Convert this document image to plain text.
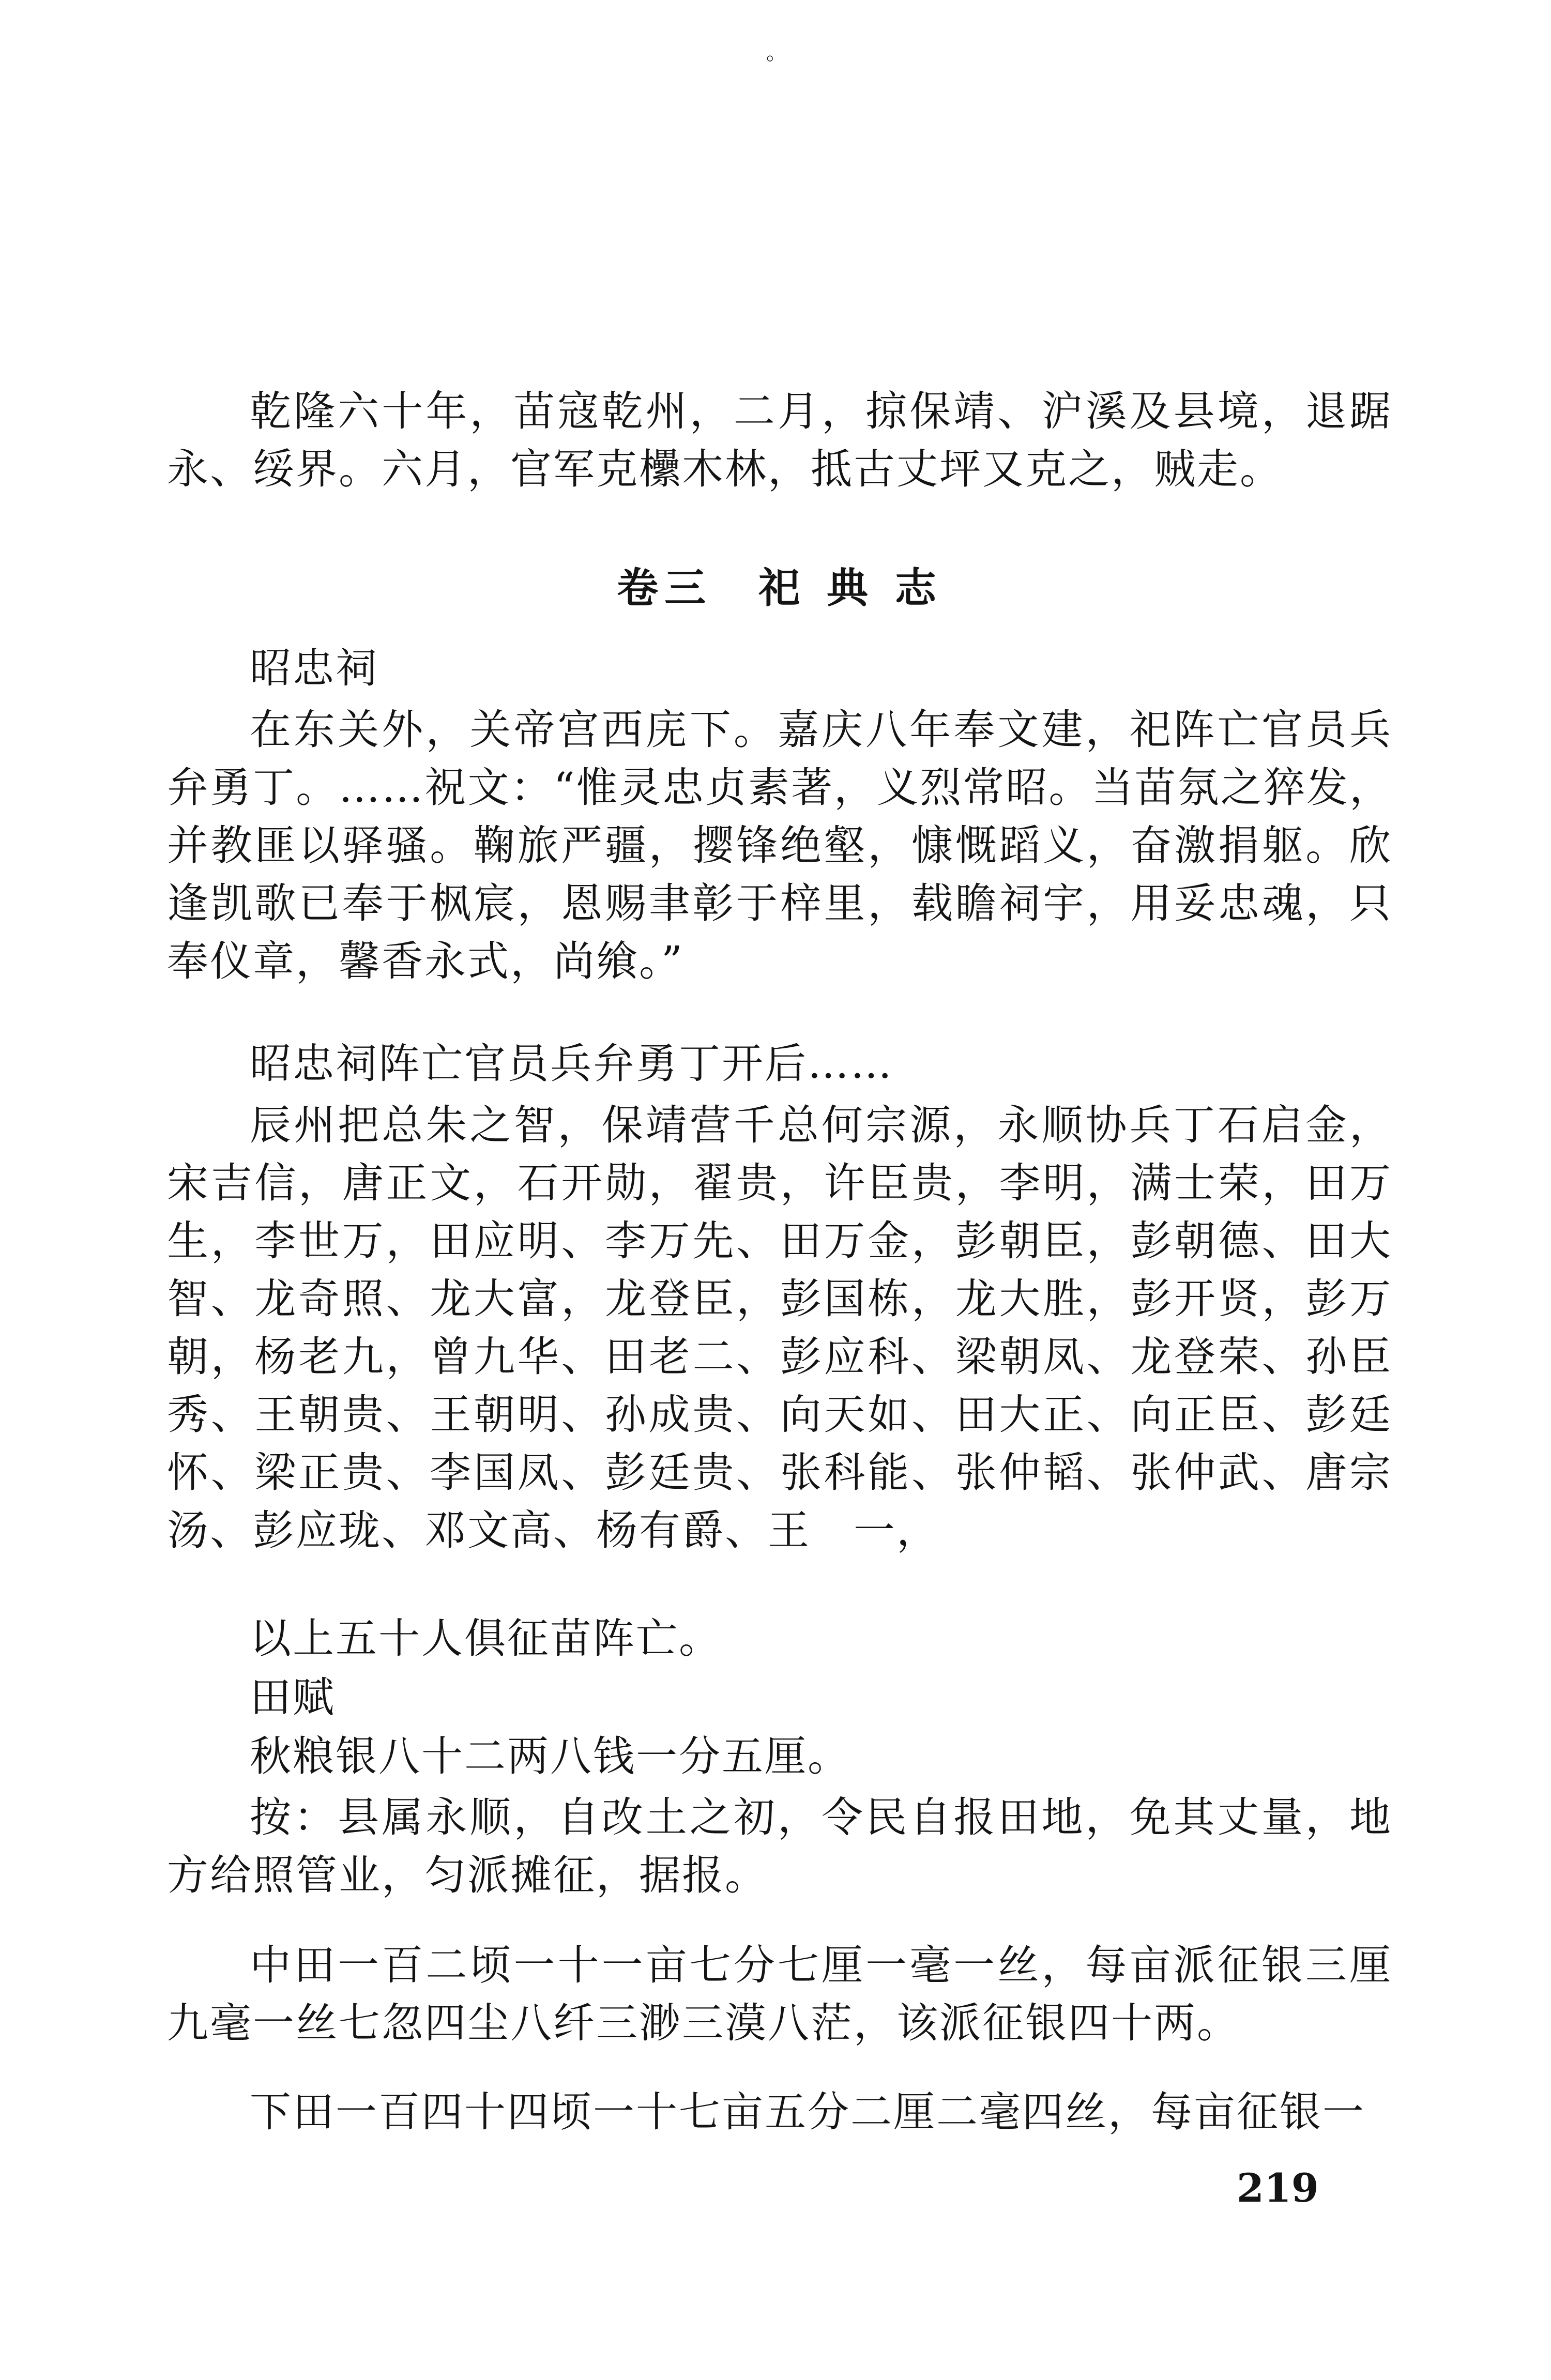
。

乾隆六十年，苗寇乾州，二月，掠保靖、沪溪及县境，退踞永、绥界。六月，官军克欙木林，抵古丈坪又克之，贼走。

卷三 祀 典 志
昭忠祠

在东关外，关帝宫西庑下。嘉庆八年奉文建，祀阵亡官员兵弁勇丁。……祝文：“惟灵忠贞素著，义烈常昭。当苗氛之猝发，并教匪以驿骚。鞠旅严疆，撄锋绝壑，慷慨蹈义，奋激捐躯。欣逢凯歌已奉于枫宸，恩赐聿彰于梓里，载瞻祠宇，用妥忠魂，只奉仪章，馨香永式，尚飨。”

昭忠祠阵亡官员兵弁勇丁开后……

辰州把总朱之智，保靖营千总何宗源，永顺协兵丁石启金，宋吉信，唐正文，石开勋，翟贵，许臣贵，李明，满士荣，田万生，李世万，田应明、李万先、田万金，彭朝臣，彭朝德、田大智、龙奇照、龙大富，龙登臣，彭国栋，龙大胜，彭开贤，彭万朝，杨老九，曾九华、田老二、彭应科、梁朝凤、龙登荣、孙臣秀、王朝贵、王朝明、孙成贵、向天如、田大正、向正臣、彭廷怀、梁正贵、李国凤、彭廷贵、张科能、张仲韬、张仲武、唐宗汤、彭应珑、邓文高、杨有爵、王　一，

以上五十人俱征苗阵亡。
田赋
秋粮银八十二两八钱一分五厘。

按：县属永顺，自改土之初，令民自报田地，免其丈量，地方给照管业，匀派摊征，据报。

中田一百二顷一十一亩七分七厘一毫一丝，每亩派征银三厘九毫一丝七忽四尘八纤三渺三漠八茫，该派征银四十两。

下田一百四十四顷一十七亩五分二厘二毫四丝，每亩征银一

219
